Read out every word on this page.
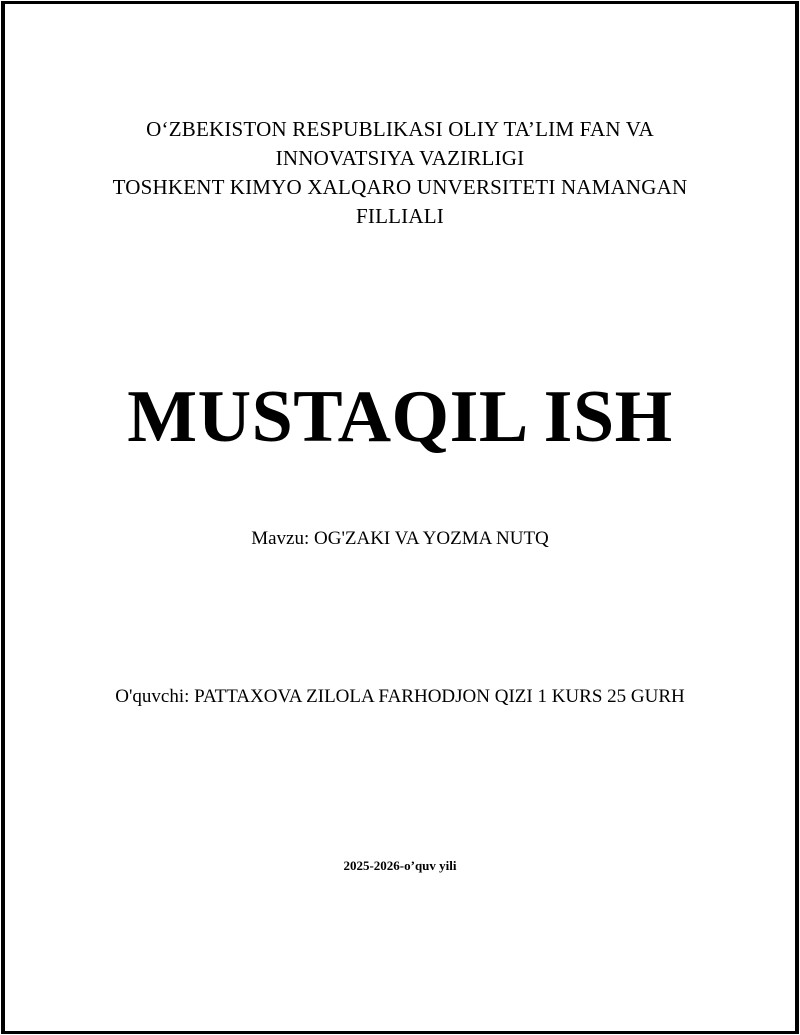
O‘ZBEKISTON RESPUBLIKASI OLIY TA’LIM FAN VA
INNOVATSIYA VAZIRLIGI
TOSHKENT KIMYO XALQARO UNVERSITETI NAMANGAN
FILLIALI
MUSTAQIL ISH
Mavzu: OG'ZAKI VA YOZMA NUTQ
O'quvchi: PATTAXOVA ZILOLA FARHODJON QIZI 1 KURS 25 GURH
2025-2026-o’quv yili
